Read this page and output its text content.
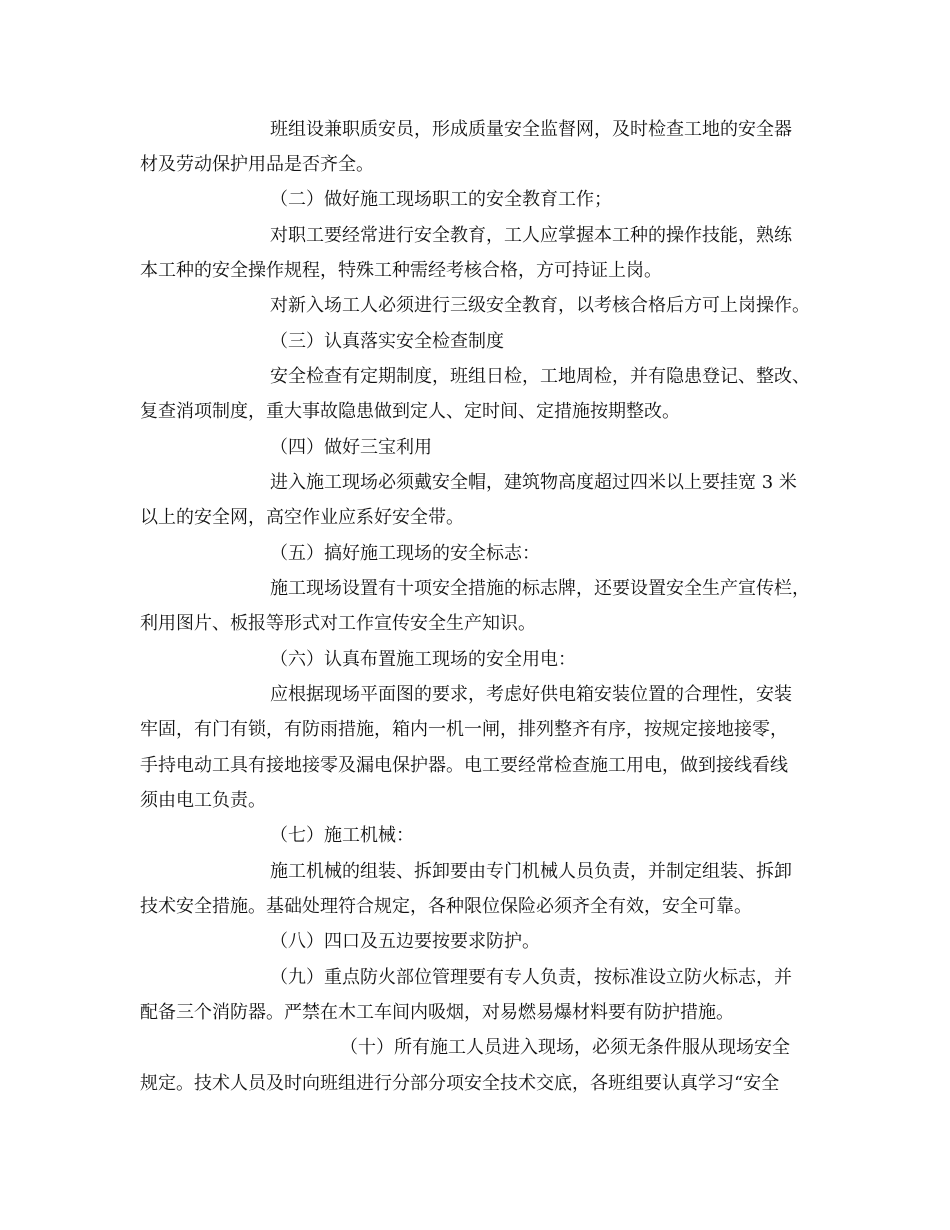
班组设兼职质安员，形成质量安全监督网，及时检查工地的安全器
材及劳动保护用品是否齐全。
（二）做好施工现场职工的安全教育工作；
对职工要经常进行安全教育，工人应掌握本工种的操作技能，熟练
本工种的安全操作规程，特殊工种需经考核合格，方可持证上岗。
对新入场工人必须进行三级安全教育，以考核合格后方可上岗操作。
（三）认真落实安全检查制度
安全检查有定期制度，班组日检，工地周检，并有隐患登记、整改、
复查消项制度，重大事故隐患做到定人、定时间、定措施按期整改。
（四）做好三宝利用
进入施工现场必须戴安全帽，建筑物高度超过四米以上要挂宽 3 米
以上的安全网，高空作业应系好安全带。
（五）搞好施工现场的安全标志：
施工现场设置有十项安全措施的标志牌，还要设置安全生产宣传栏，
利用图片、板报等形式对工作宣传安全生产知识。
（六）认真布置施工现场的安全用电：
应根据现场平面图的要求，考虑好供电箱安装位置的合理性，安装
牢固，有门有锁，有防雨措施，箱内一机一闸，排列整齐有序，按规定接地接零，
手持电动工具有接地接零及漏电保护器。电工要经常检查施工用电，做到接线看线
须由电工负责。
（七）施工机械：
施工机械的组装、拆卸要由专门机械人员负责，并制定组装、拆卸
技术安全措施。基础处理符合规定，各种限位保险必须齐全有效，安全可靠。
（八）四口及五边要按要求防护。
（九）重点防火部位管理要有专人负责，按标准设立防火标志，并
配备三个消防器。严禁在木工车间内吸烟，对易燃易爆材料要有防护措施。
（十）所有施工人员进入现场，必须无条件服从现场安全
规定。技术人员及时向班组进行分部分项安全技术交底，各班组要认真学习“安全
